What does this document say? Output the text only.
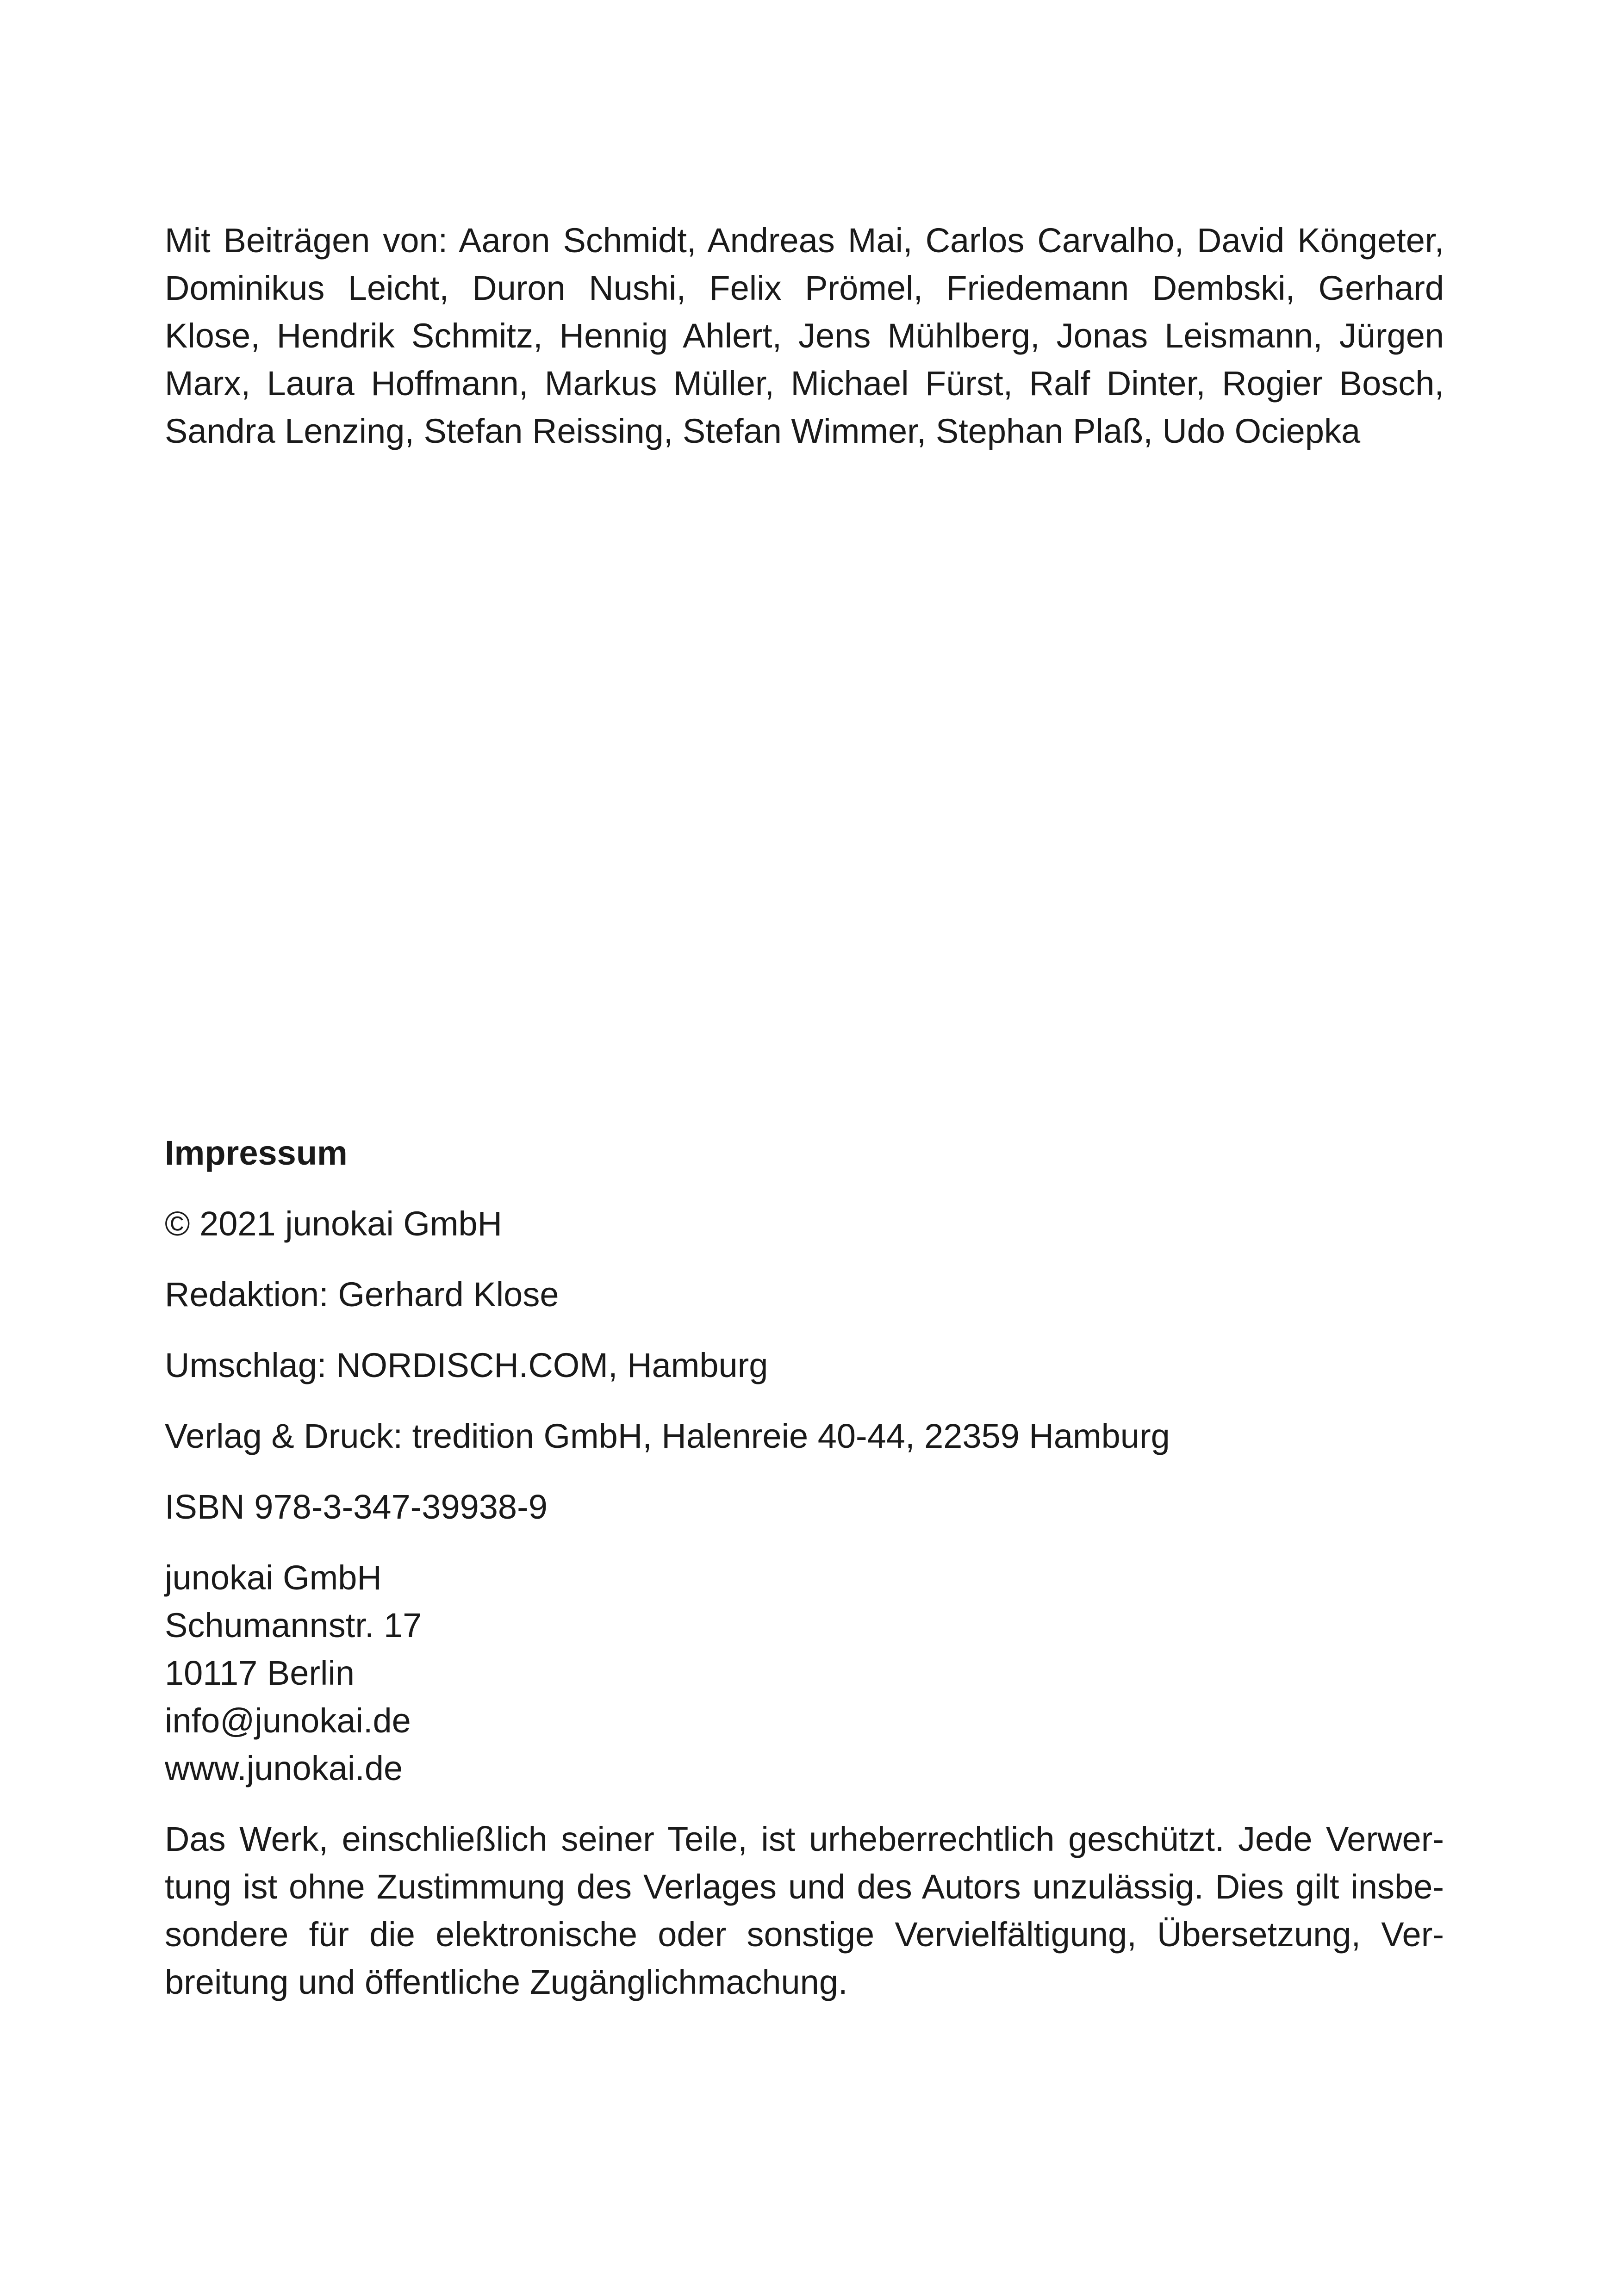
Mit Beiträgen von: Aaron Schmidt, Andreas Mai, Carlos Carvalho, David Köngeter,
Dominikus Leicht, Duron Nushi, Felix Prömel, Friedemann Dembski, Gerhard
Klose, Hendrik Schmitz, Hennig Ahlert, Jens Mühlberg, Jonas Leismann, Jürgen
Marx, Laura Hoffmann, Markus Müller, Michael Fürst, Ralf Dinter, Rogier Bosch,
Sandra Lenzing, Stefan Reissing, Stefan Wimmer, Stephan Plaß, Udo Ociepka

Impressum

© 2021 junokai GmbH

Redaktion: Gerhard Klose

Umschlag: NORDISCH.COM, Hamburg

Verlag & Druck: tredition GmbH, Halenreie 40-44, 22359 Hamburg

ISBN 978-3-347-39938-9

junokai GmbH
Schumannstr. 17
10117 Berlin
info@junokai.de
www.junokai.de
Das Werk, einschließlich seiner Teile, ist urheberrechtlich geschützt. Jede Verwer-
tung ist ohne Zustimmung des Verlages und des Autors unzulässig. Dies gilt insbe-
sondere für die elektronische oder sonstige Vervielfältigung, Übersetzung, Ver-
breitung und öffentliche Zugänglichmachung.
